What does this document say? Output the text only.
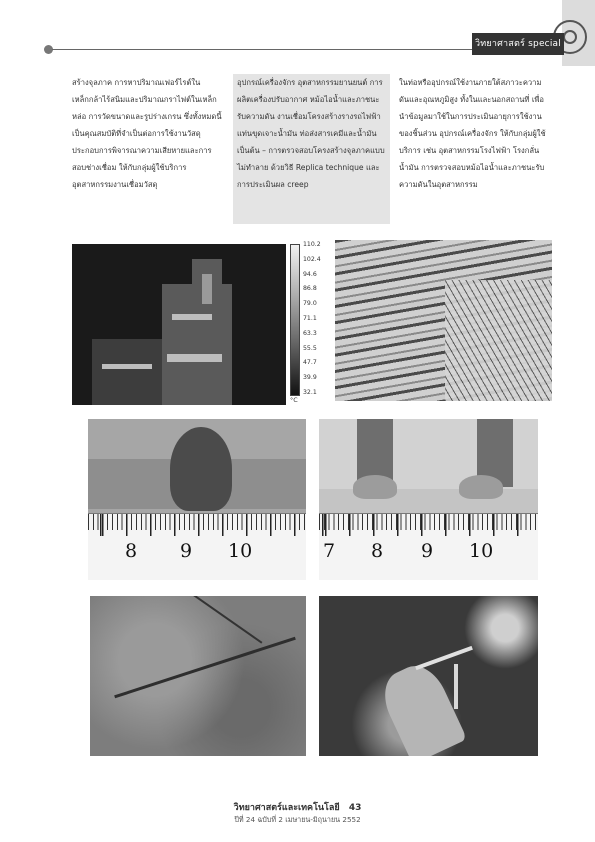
วิทยาศาสตร์ special scoop

สร้างจุลภาค การหาปริมาณเฟอร์ไรต์ในเหล็กกล้าไร้สนิมและปริมาณกราไฟต์ในเหล็กหล่อ การวัดขนาดและรูปร่างเกรน ซึ่งทั้งหมดนี้เป็นคุณสมบัติที่จำเป็นต่อการใช้งานวัสดุ ประกอบการพิจารณาความเสียหายและการสอบช่างเชื่อม ให้กับกลุ่มผู้ใช้บริการอุตสาหกรรมงานเชื่อมวัสดุ

อุปกรณ์เครื่องจักร อุตสาหกรรมยานยนต์ การผลิตเครื่องปรับอากาศ หม้อไอน้ำและภาชนะรับความดัน งานเชื่อมโครงสร้างรางรถไฟฟ้า แท่นขุดเจาะน้ำมัน ท่อส่งสารเคมีและน้ำมัน เป็นต้น – การตรวจสอบโครงสร้างจุลภาคแบบไม่ทำลาย ด้วยวิธี Replica technique และการประเมินผล creep

ในท่อหรืออุปกรณ์ใช้งานภายใต้สภาวะความดันและอุณหภูมิสูง ทั้งในและนอกสถานที่ เพื่อนำข้อมูลมาใช้ในการประเมินอายุการใช้งานของชิ้นส่วน อุปกรณ์เครื่องจักร ให้กับกลุ่มผู้ใช้บริการ เช่น อุตสาหกรรมโรงไฟฟ้า โรงกลั่นน้ำมัน การตรวจสอบหม้อไอน้ำและภาชนะรับความดันในอุตสาหกรรม

110.2
102.4
94.6
86.8
79.0
71.1
63.3
55.5
47.7
39.9
32.1
°C
8 9 10	7 8 9 10
วิทยาศาสตร์และเทคโนโลยี 43
ปีที่ 24 ฉบับที่ 2 เมษายน-มิถุนายน 2552
